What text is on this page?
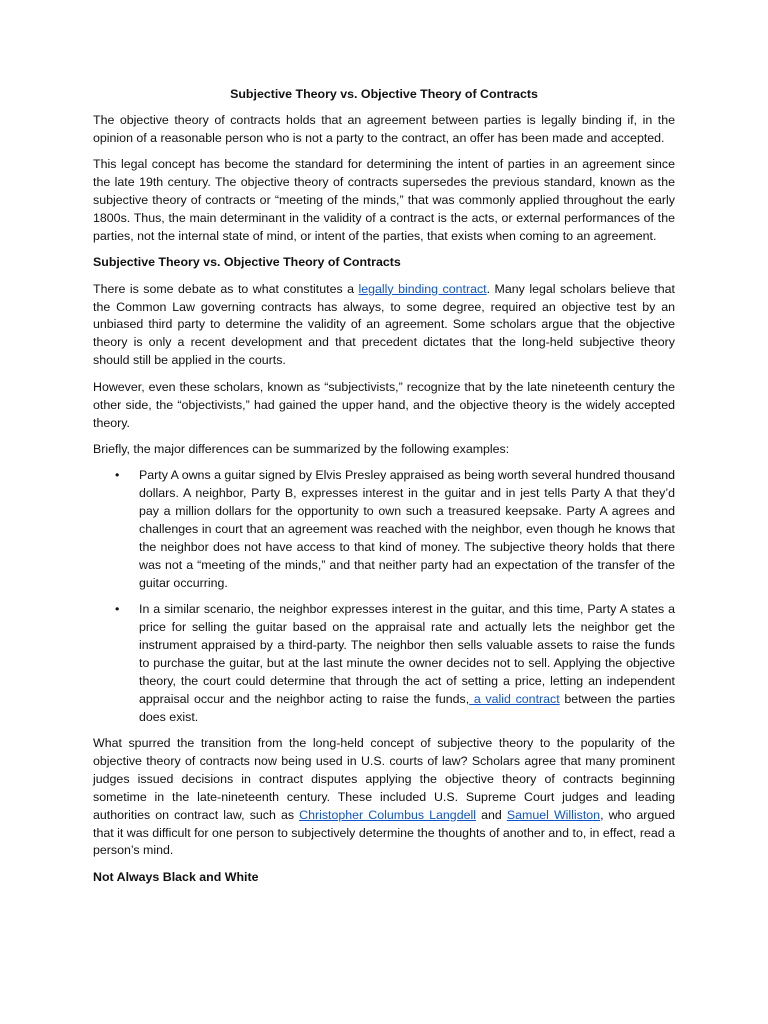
Subjective Theory vs. Objective Theory of Contracts

The objective theory of contracts holds that an agreement between parties is legally binding if, in the opinion of a reasonable person who is not a party to the contract, an offer has been made and accepted.

This legal concept has become the standard for determining the intent of parties in an agreement since the late 19th century. The objective theory of contracts supersedes the previous standard, known as the subjective theory of contracts or “meeting of the minds,” that was commonly applied throughout the early 1800s. Thus, the main determinant in the validity of a contract is the acts, or external performances of the parties, not the internal state of mind, or intent of the parties, that exists when coming to an agreement.

Subjective Theory vs. Objective Theory of Contracts

There is some debate as to what constitutes a legally binding contract. Many legal scholars believe that the Common Law governing contracts has always, to some degree, required an objective test by an unbiased third party to determine the validity of an agreement. Some scholars argue that the objective theory is only a recent development and that precedent dictates that the long-held subjective theory should still be applied in the courts.

However, even these scholars, known as “subjectivists,” recognize that by the late nineteenth century the other side, the “objectivists,” had gained the upper hand, and the objective theory is the widely accepted theory.

Briefly, the major differences can be summarized by the following examples:

• Party A owns a guitar signed by Elvis Presley appraised as being worth several hundred thousand dollars. A neighbor, Party B, expresses interest in the guitar and in jest tells Party A that they’d pay a million dollars for the opportunity to own such a treasured keepsake. Party A agrees and challenges in court that an agreement was reached with the neighbor, even though he knows that the neighbor does not have access to that kind of money. The subjective theory holds that there was not a “meeting of the minds,” and that neither party had an expectation of the transfer of the guitar occurring.
• In a similar scenario, the neighbor expresses interest in the guitar, and this time, Party A states a price for selling the guitar based on the appraisal rate and actually lets the neighbor get the instrument appraised by a third-party. The neighbor then sells valuable assets to raise the funds to purchase the guitar, but at the last minute the owner decides not to sell. Applying the objective theory, the court could determine that through the act of setting a price, letting an independent appraisal occur and the neighbor acting to raise the funds, a valid contract between the parties does exist.

What spurred the transition from the long-held concept of subjective theory to the popularity of the objective theory of contracts now being used in U.S. courts of law? Scholars agree that many prominent judges issued decisions in contract disputes applying the objective theory of contracts beginning sometime in the late-nineteenth century. These included U.S. Supreme Court judges and leading authorities on contract law, such as Christopher Columbus Langdell and Samuel Williston, who argued that it was difficult for one person to subjectively determine the thoughts of another and to, in effect, read a person’s mind.

Not Always Black and White
